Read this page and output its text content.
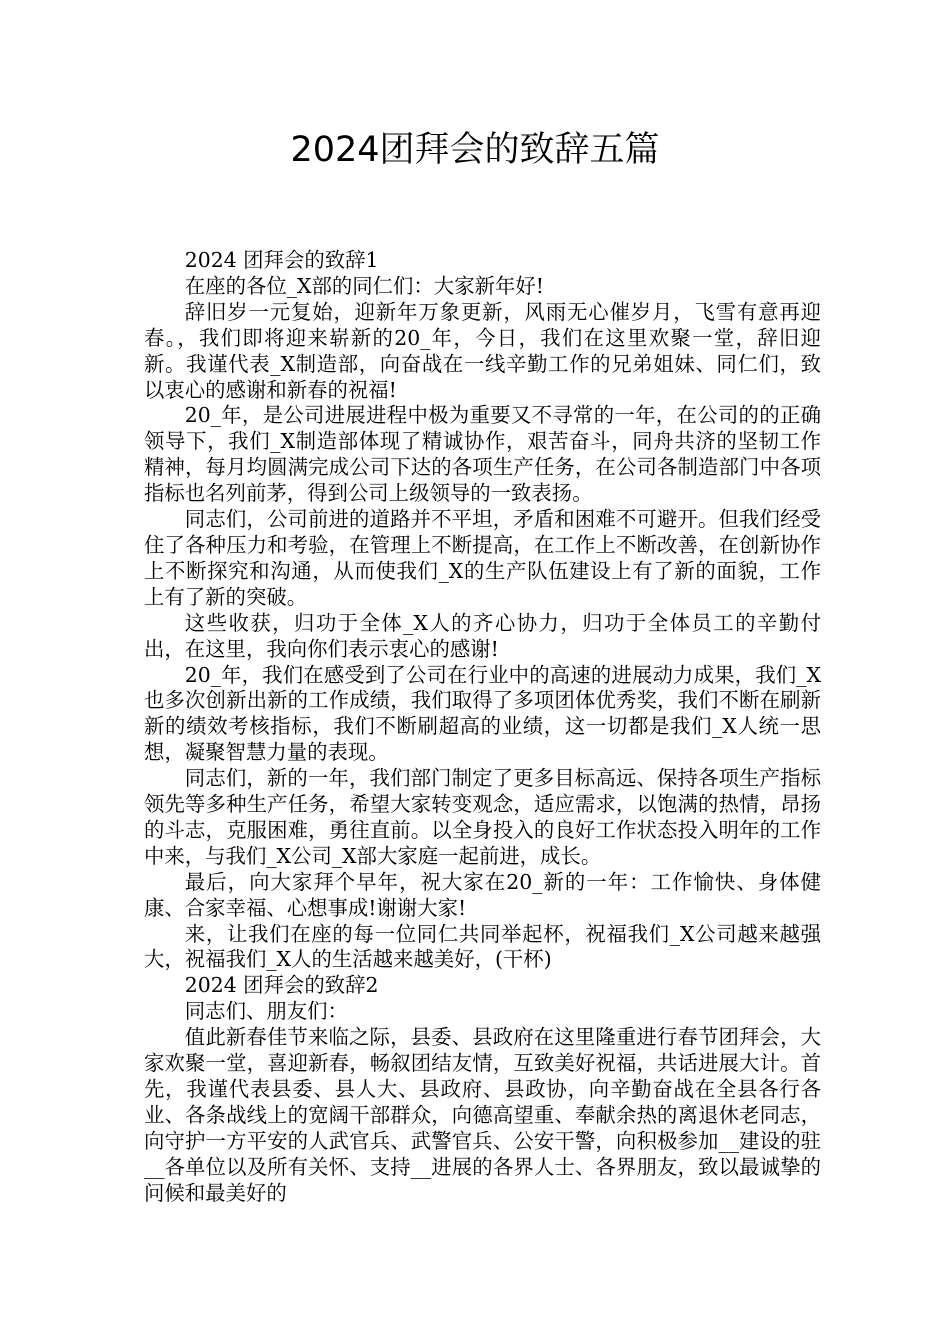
2024团拜会的致辞五篇

2024 团拜会的致辞1

在座的各位_X部的同仁们：大家新年好!

辞旧岁一元复始，迎新年万象更新，风雨无心催岁月，飞雪有意再迎春。，我们即将迎来崭新的20_年，今日，我们在这里欢聚一堂，辞旧迎新。我谨代表_X制造部，向奋战在一线辛勤工作的兄弟姐妹、同仁们，致以衷心的感谢和新春的祝福!

20_年，是公司进展进程中极为重要又不寻常的一年，在公司的的正确领导下，我们_X制造部体现了精诚协作，艰苦奋斗，同舟共济的坚韧工作精神，每月均圆满完成公司下达的各项生产任务，在公司各制造部门中各项指标也名列前茅，得到公司上级领导的一致表扬。

同志们，公司前进的道路并不平坦，矛盾和困难不可避开。但我们经受住了各种压力和考验，在管理上不断提高，在工作上不断改善，在创新协作上不断探究和沟通，从而使我们_X的生产队伍建设上有了新的面貌，工作上有了新的突破。

这些收获，归功于全体_X人的齐心协力，归功于全体员工的辛勤付出，在这里，我向你们表示衷心的感谢!

20_年，我们在感受到了公司在行业中的高速的进展动力成果，我们_X也多次创新出新的工作成绩，我们取得了多项团体优秀奖，我们不断在刷新新的绩效考核指标，我们不断刷超高的业绩，这一切都是我们_X人统一思想，凝聚智慧力量的表现。

同志们，新的一年，我们部门制定了更多目标高远、保持各项生产指标领先等多种生产任务，希望大家转变观念，适应需求，以饱满的热情，昂扬的斗志，克服困难，勇往直前。以全身投入的良好工作状态投入明年的工作中来，与我们_X公司_X部大家庭一起前进，成长。

最后，向大家拜个早年，祝大家在20_新的一年：工作愉快、身体健康、合家幸福、心想事成!谢谢大家!

来，让我们在座的每一位同仁共同举起杯，祝福我们_X公司越来越强大，祝福我们_X人的生活越来越美好，(干杯)

2024 团拜会的致辞2

同志们、朋友们：

值此新春佳节来临之际，县委、县政府在这里隆重进行春节团拜会，大家欢聚一堂，喜迎新春，畅叙团结友情，互致美好祝福，共话进展大计。首先，我谨代表县委、县人大、县政府、县政协，向辛勤奋战在全县各行各业、各条战线上的宽阔干部群众，向德高望重、奉献余热的离退休老同志，向守护一方平安的人武官兵、武警官兵、公安干警，向积极参加__建设的驻__各单位以及所有关怀、支持__进展的各界人士、各界朋友，致以最诚挚的问候和最美好的
